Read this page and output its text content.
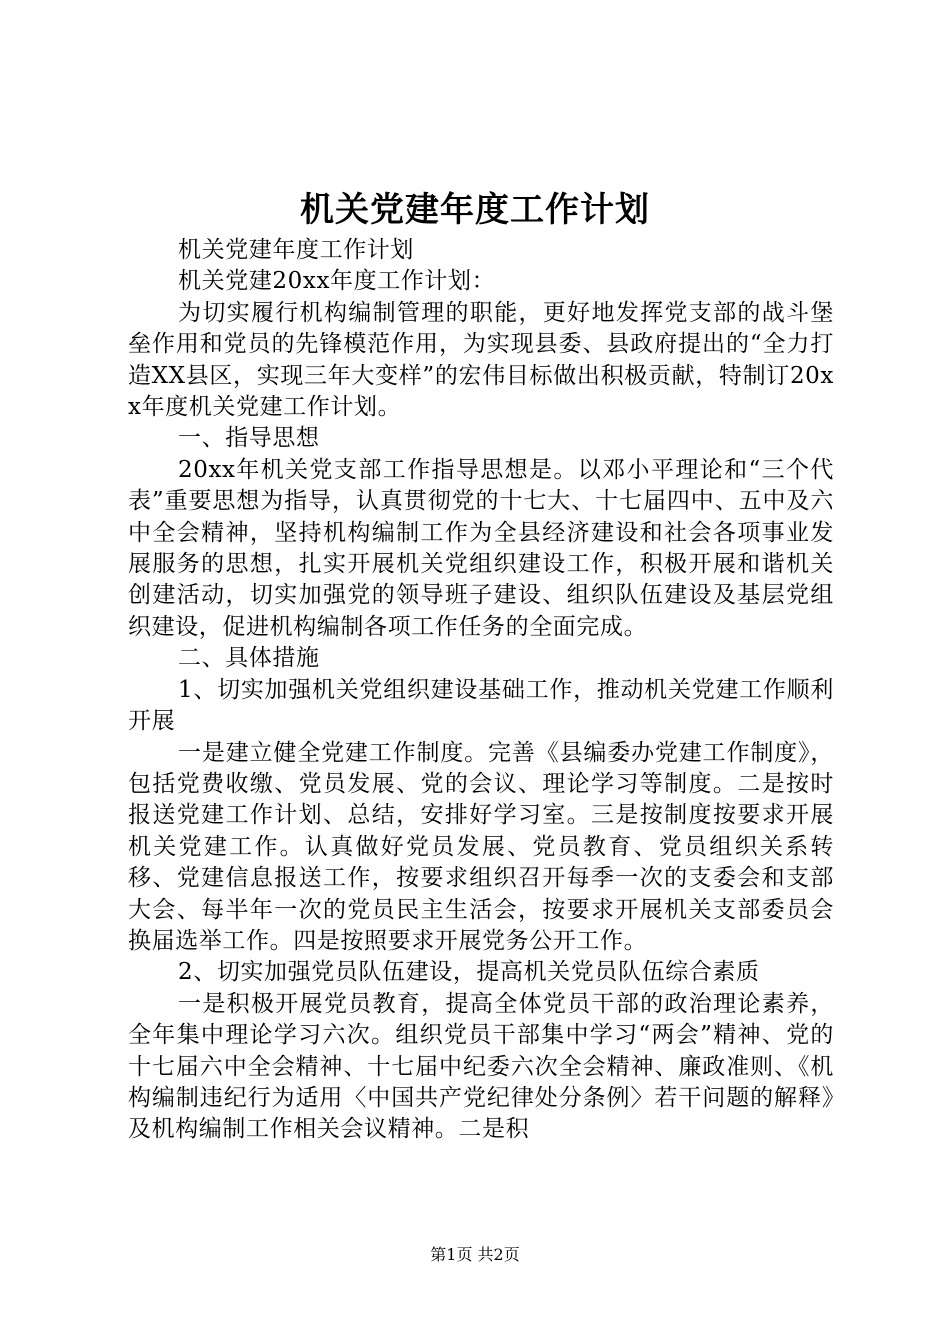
机关党建年度工作计划

机关党建年度工作计划

机关党建20xx年度工作计划：

为切实履行机构编制管理的职能，更好地发挥党支部的战斗堡垒作用和党员的先锋模范作用，为实现县委、县政府提出的“全力打造XX县区，实现三年大变样”的宏伟目标做出积极贡献，特制订20xx年度机关党建工作计划。

一、指导思想

20xx年机关党支部工作指导思想是。以邓小平理论和“三个代表”重要思想为指导，认真贯彻党的十七大、十七届四中、五中及六中全会精神，坚持机构编制工作为全县经济建设和社会各项事业发展服务的思想，扎实开展机关党组织建设工作，积极开展和谐机关创建活动，切实加强党的领导班子建设、组织队伍建设及基层党组织建设，促进机构编制各项工作任务的全面完成。

二、具体措施

1、切实加强机关党组织建设基础工作，推动机关党建工作顺利开展

一是建立健全党建工作制度。完善《县编委办党建工作制度》，包括党费收缴、党员发展、党的会议、理论学习等制度。二是按时报送党建工作计划、总结，安排好学习室。三是按制度按要求开展机关党建工作。认真做好党员发展、党员教育、党员组织关系转移、党建信息报送工作，按要求组织召开每季一次的支委会和支部大会、每半年一次的党员民主生活会，按要求开展机关支部委员会换届选举工作。四是按照要求开展党务公开工作。

2、切实加强党员队伍建设，提高机关党员队伍综合素质

一是积极开展党员教育，提高全体党员干部的政治理论素养，全年集中理论学习六次。组织党员干部集中学习“两会”精神、党的十七届六中全会精神、十七届中纪委六次全会精神、廉政准则、《机构编制违纪行为适用〈中国共产党纪律处分条例〉若干问题的解释》及机构编制工作相关会议精神。二是积

第1页 共2页
